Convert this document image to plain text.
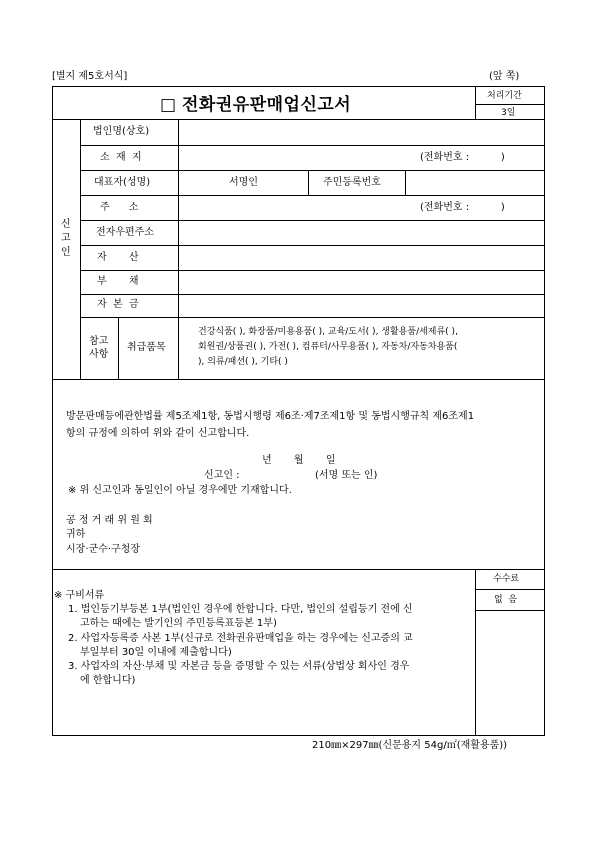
[별지 제5호서식]	(앞 쪽)
□ 전화권유판매업신고서	처리기간
3일
신
고
인
법인명(상호)
소  재  지	(전화번호 :          )
대표자(성명)	서명인	주민등록번호
주      소	(전화번호 :          )
전자우편주소
자       산
부       채
자  본  금
참고
사항
취급품목
건강식품( ), 화장품/미용용품( ), 교육/도서( ), 생활용품/세제류( ),
회원권/상품권( ), 가전( ), 컴퓨터/사무용품( ), 자동차/자동차용품(
), 의류/패션( ), 기타( )
방문판매등에관한법률 제5조제1항, 동법시행령 제6조·제7조제1항 및 동법시행규칙 제6조제1
항의 규정에 의하여 위와 같이 신고합니다.
년       월       일
신고인 :	(서명 또는 인)
※ 위 신고인과 동일인이 아닐 경우에만 기재합니다.
공 정 거 래 위 원 회
귀하
시장·군수·구청장
수수료
없  음
※ 구비서류
1. 법인등기부등본 1부(법인인 경우에 한합니다. 다만, 법인의 설립등기 전에 신
고하는 때에는 발기인의 주민등록표등본 1부)
2. 사업자등록증 사본 1부(신규로 전화권유판매업을 하는 경우에는 신고증의 교
부일부터 30일 이내에 제출합니다)
3. 사업자의 자산·부채 및 자본금 등을 증명할 수 있는 서류(상법상 회사인 경우
에 한합니다)
210㎜×297㎜(신문용지 54g/㎡(재활용품))
